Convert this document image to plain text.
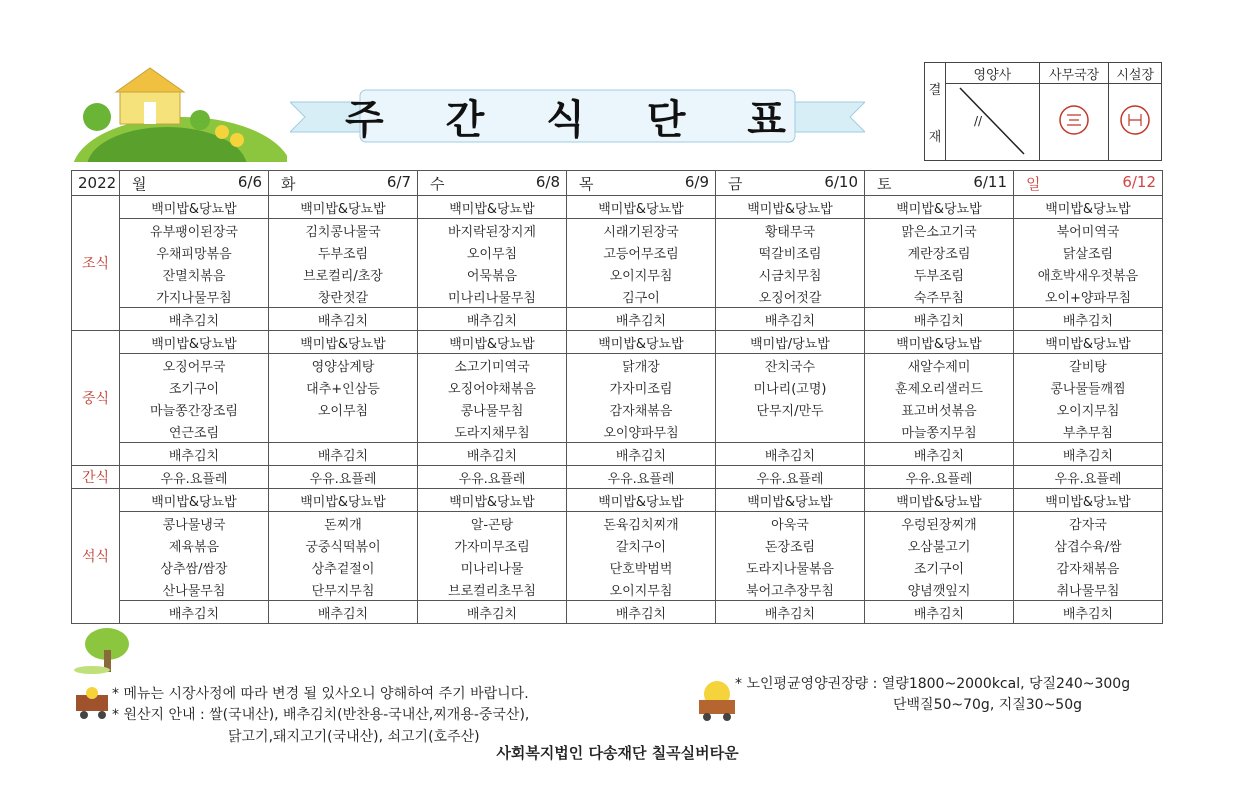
주 간 식 단 표
결
재	영양사	사무국장	시설장

	//

2022	월 6/6	화 6/7	수 6/8	목 6/9	금 6/10	토 6/11	일 6/12

조식	백미밥&당뇨밥	백미밥&당뇨밥	백미밥&당뇨밥	백미밥&당뇨밥	백미밥&당뇨밥	백미밥&당뇨밥	백미밥&당뇨밥
	유부팽이된장국	김치콩나물국	바지락된장지게	시래기된장국	황태무국	맑은소고기국	북어미역국
	우채피망볶음	두부조림	오이무침	고등어무조림	떡갈비조림	계란장조림	닭살조림
	잔멸치볶음	브로컬리/초장	어묵볶음	오이지무침	시금치무침	두부조림	애호박새우젓볶음
	가지나물무침	창란젓갈	미나리나물무침	김구이	오징어젓갈	숙주무침	오이+양파무침
	배추김치	배추김치	배추김치	배추김치	배추김치	배추김치	배추김치
중식	백미밥&당뇨밥	백미밥&당뇨밥	백미밥&당뇨밥	백미밥&당뇨밥	백미밥/당뇨밥	백미밥&당뇨밥	백미밥&당뇨밥
	오징어무국	영양삼계탕	소고기미역국	닭개장	잔치국수	새알수제미	갈비탕
	조기구이	대추+인삼등	오징어야채볶음	가자미조림	미나리(고명)	훈제오리샐러드	콩나물들깨찜
	마늘쫑간장조림	오이무침	콩나물무침	감자채볶음	단무지/만두	표고버섯볶음	오이지무침
	연근조림		도라지채무침	오이양파무침		마늘쫑지무침	부추무침
	배추김치	배추김치	배추김치	배추김치	배추김치	배추김치	배추김치
간식	우유.요플레	우유.요플레	우유.요플레	우유.요플레	우유.요플레	우유.요플레	우유.요플레
석식	백미밥&당뇨밥	백미밥&당뇨밥	백미밥&당뇨밥	백미밥&당뇨밥	백미밥&당뇨밥	백미밥&당뇨밥	백미밥&당뇨밥
	콩나물냉국	돈찌개	알-곤탕	돈육김치찌개	아욱국	우렁된장찌개	감자국
	제육볶음	궁중식떡볶이	가자미무조림	갈치구이	돈장조림	오삼불고기	삼겹수육/쌈
	상추쌈/쌈장	상추겉절이	미나리나물	단호박범벅	도라지나물볶음	조기구이	감자채볶음
	산나물무침	단무지무침	브로컬리초무침	오이지무침	북어고추장무침	양념깻잎지	취나물무침
	배추김치	배추김치	배추김치	배추김치	배추김치	배추김치	배추김치
* 메뉴는 시장사정에 따라 변경 될 있사오니 양해하여 주기 바랍니다.
* 원산지 안내 : 쌀(국내산), 배추김치(반찬용-국내산,찌개용-중국산),
닭고기,돼지고기(국내산), 쇠고기(호주산)
* 노인평균영양권장량 : 열량1800~2000kcal, 당질240~300g
단백질50~70g, 지질30~50g
사회복지법인 다송재단 칠곡실버타운
